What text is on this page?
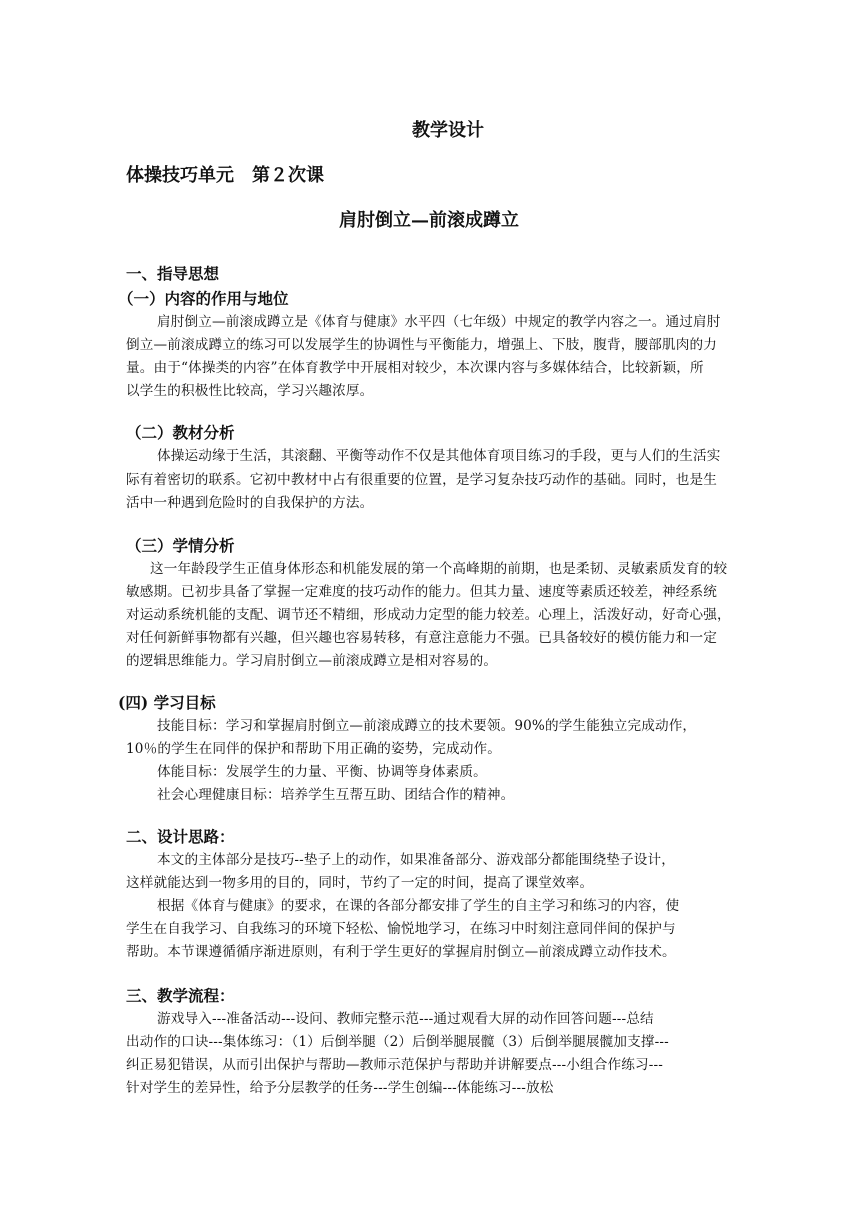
教学设计
体操技巧单元　第２次课
肩肘倒立—前滚成蹲立
一、指导思想
（一）内容的作用与地位
肩肘倒立—前滚成蹲立是《体育与健康》水平四（七年级）中规定的教学内容之一。通过肩肘
倒立—前滚成蹲立的练习可以发展学生的协调性与平衡能力，增强上、下肢，腹背，腰部肌肉的力
量。由于“体操类的内容”在体育教学中开展相对较少，本次课内容与多媒体结合，比较新颖，所
以学生的积极性比较高，学习兴趣浓厚。
（二）教材分析
体操运动缘于生活，其滚翻、平衡等动作不仅是其他体育项目练习的手段，更与人们的生活实
际有着密切的联系。它初中教材中占有很重要的位置，是学习复杂技巧动作的基础。同时，也是生
活中一种遇到危险时的自我保护的方法。
（三）学情分析
这一年龄段学生正值身体形态和机能发展的第一个高峰期的前期，也是柔韧、灵敏素质发育的较
敏感期。已初步具备了掌握一定难度的技巧动作的能力。但其力量、速度等素质还较差，神经系统
对运动系统机能的支配、调节还不精细，形成动力定型的能力较差。心理上，活泼好动，好奇心强，
对任何新鲜事物都有兴趣，但兴趣也容易转移，有意注意能力不强。已具备较好的模仿能力和一定
的逻辑思维能力。学习肩肘倒立—前滚成蹲立是相对容易的。
(四) 学习目标
技能目标：学习和掌握肩肘倒立—前滚成蹲立的技术要领。90%的学生能独立完成动作，
10％的学生在同伴的保护和帮助下用正确的姿势，完成动作。
体能目标：发展学生的力量、平衡、协调等身体素质。
社会心理健康目标：培养学生互帮互助、团结合作的精神。
二、设计思路：
本文的主体部分是技巧--垫子上的动作，如果准备部分、游戏部分都能围绕垫子设计，
这样就能达到一物多用的目的，同时，节约了一定的时间，提高了课堂效率。
根据《体育与健康》的要求，在课的各部分都安排了学生的自主学习和练习的内容，使
学生在自我学习、自我练习的环境下轻松、愉悦地学习，在练习中时刻注意同伴间的保护与
帮助。本节课遵循循序渐进原则，有利于学生更好的掌握肩肘倒立—前滚成蹲立动作技术。
三、教学流程：
游戏导入---准备活动---设问、教师完整示范---通过观看大屏的动作回答问题---总结
出动作的口诀---集体练习：（1）后倒举腿（2）后倒举腿展髋（3）后倒举腿展髋加支撑---
纠正易犯错误，从而引出保护与帮助—教师示范保护与帮助并讲解要点---小组合作练习---
针对学生的差异性，给予分层教学的任务---学生创编---体能练习---放松
